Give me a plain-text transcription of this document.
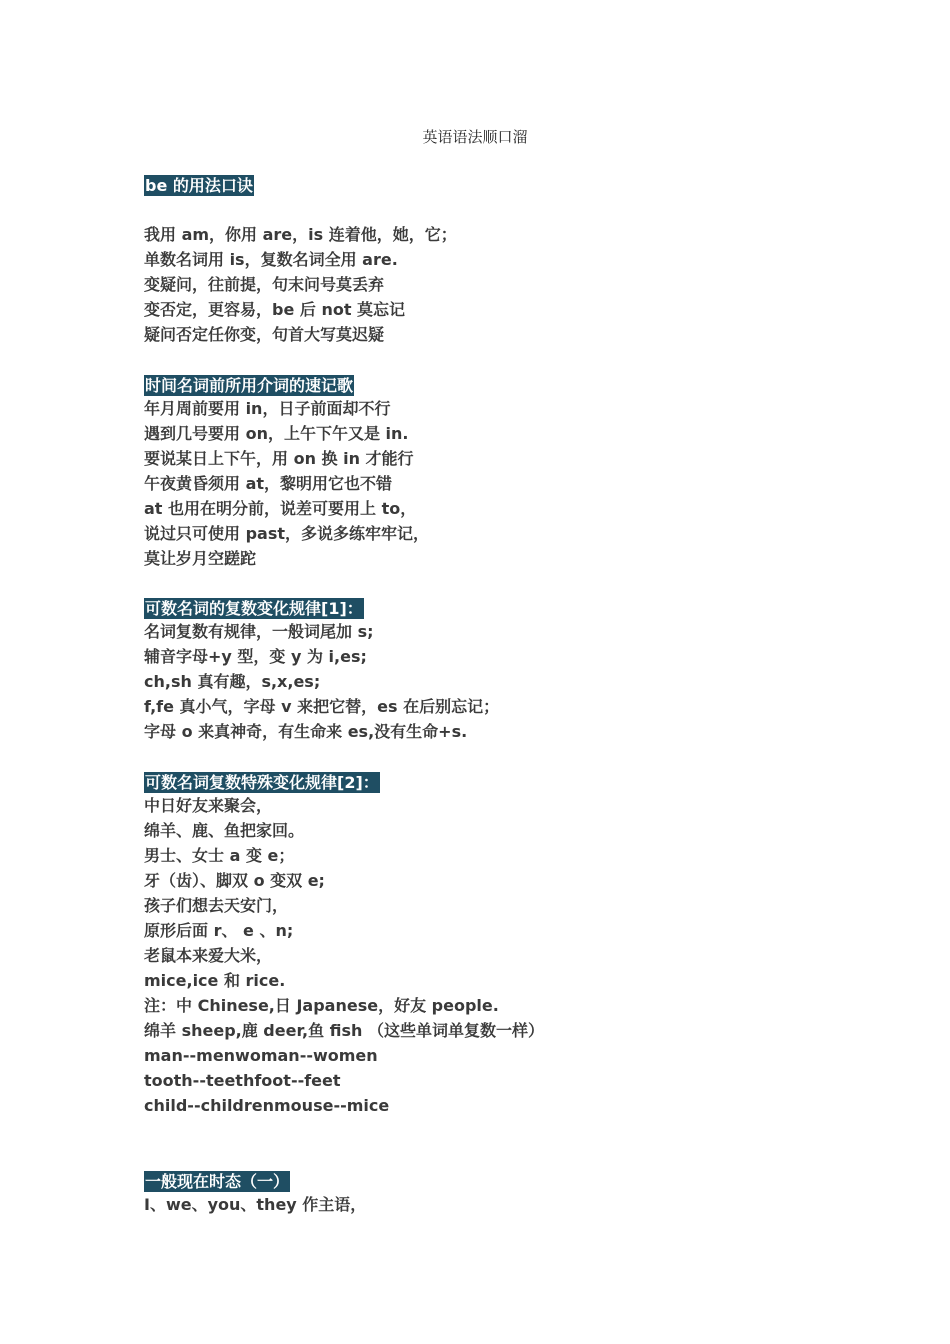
英语语法顺口溜
be 的用法口诀
我用 am，你用 are，is 连着他，她，它；
单数名词用 is，复数名词全用 are.
变疑问，往前提，句末问号莫丢弃
变否定，更容易，be 后 not 莫忘记
疑问否定任你变，句首大写莫迟疑
时间名词前所用介词的速记歌
年月周前要用 in，日子前面却不行
遇到几号要用 on，上午下午又是 in.
要说某日上下午，用 on 换 in 才能行
午夜黄昏须用 at，黎明用它也不错
at 也用在明分前，说差可要用上 to，
说过只可使用 past，多说多练牢牢记，
莫让岁月空蹉跎
可数名词的复数变化规律[1]：
名词复数有规律，一般词尾加 s;
辅音字母+y 型，变 y 为 i,es;
ch,sh 真有趣，s,x,es;
f,fe 真小气，字母 v 来把它替，es 在后别忘记；
字母 o 来真神奇，有生命来 es,没有生命+s.
可数名词复数特殊变化规律[2]：
中日好友来聚会，
绵羊、鹿、鱼把家回。
男士、女士 a 变 e；
牙（齿）、脚双 o 变双 e;
孩子们想去天安门，
原形后面 r、 e 、n;
老鼠本来爱大米，
mice,ice 和 rice.
注：中 Chinese,日 Japanese，好友 people.
绵羊 sheep,鹿 deer,鱼 fish （这些单词单复数一样）
man--menwoman--women
tooth--teethfoot--feet
child--childrenmouse--mice
一般现在时态（一）
I、we、you、they 作主语，
